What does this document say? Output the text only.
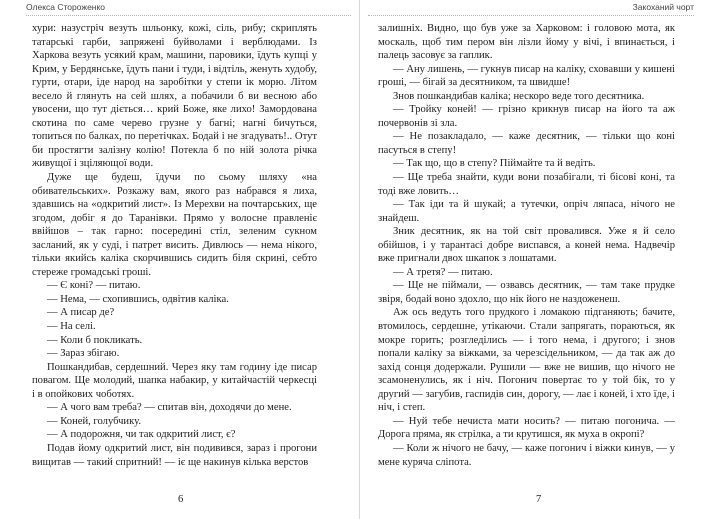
Олекса Стороженко

хури: назустріч везуть шльонку, кожі, сіль, рибу; скриплять татарські гарби, запряжені буйволами і верблюдами. Із Харкова везуть усякий крам, машини, паровики, їдуть купці у Крим, у Бердянське, їдуть пани і туди, і відтіль, женуть худобу, гурти, отари, іде народ на заробітки у степи ік морю. Літом весело й глянуть на сей шлях, а побачили б ви весною або увосени, що тут діється… крий Боже, яке лихо! Замордована скотина по саме черево грузне у багні; нагні бичуться, топиться по балках, по перетічках. Бодай і не згадувать!.. Отут би простягти залізну колію! Потекла б по ній золота річка живущої і зціляющої води.

Дуже ще будеш, їдучи по сьому шляху «на обивательських». Розкажу вам, якого раз набрався я лиха, здавшись на «одкритий лист». Із Мерехви на почтарських, ще згодом, добіг я до Таранівки. Прямо у волосне правленіє ввійшов – так гарно: посередині стіл, зеленим сукном засланий, як у суді, і патрет висить. Дивлюсь — нема нікого, тільки якийсь каліка скорчившись сидить біля скрині, себто стереже громадські гроші.

— Є коні? — питаю.

— Нема, — схопившись, одвітив каліка.

— А писар де?

— На селі.

— Коли б покликать.

— Зараз збігаю.

Пошкандибав, сердешний. Через яку там годину іде писар повагом. Ще молодий, шапка набакир, у китайчастій черкесці і в опойкових чоботях.

— А чого вам треба? — спитав він, доходячи до мене.

— Коней, голубчику.

— А подорожня, чи так одкритий лист, є?

Подав йому одкритий лист, він подивився, зараз і прогони вищитав — такий спритний! — іє ще накинув кілька верстов

6
Закоханий чорт

залишніх. Видно, що був уже за Харковом: і головою мота, як москаль, щоб тим пером він лізли йому у вічі, і впинається, і палець засовує за гаплик.

— Ану лишень, — гукнув писар на каліку, сховавши у кишені гроші, — бігай за десятником, та швидше!

Знов пошкандибав каліка; нескоро веде того десятника.

— Тройку коней! — грізно крикнув писар на його та аж почервонів зі зла.

— Не позакладало, — каже десятник, — тільки що коні пасуться в степу!

— Так що, що в степу? Піймайте та й ведіть.

— Ще треба знайти, куди вони позабігали, ті бісові коні, та тоді вже ловить…

— Так іди та й шукай; а тутечки, опріч ляпаса, нічого не знайдеш.

Зник десятник, як на той світ провалився. Уже я й село обійшов, і у тарантасі добре виспався, а коней нема. Надвечір вже пригнали двох шкапок з лошатами.

— А третя? — питаю.

— Ще не піймали, — озвавсь десятник, — там таке прудке звіря, бодай воно здохло, що нік його не наздоженеш.

Аж ось ведуть того прудкого і ломакою підганяють; бачите, втомилось, сердешне, утікаючи. Стали запрягать, пораються, як мокре горить; розгледілись — і того нема, і другого; і знов попали каліку за віжками, за черезсідельником, — да так аж до захід сонця додержали. Рушили — вже не вишив, що нічого не зсамоненулись, як і ніч. Погонич повертає то у той бік, то у другий — загубив, гаспидів син, дорогу, — лає і коней, і хто їде, і ніч, і степ.

— Нуй тебе нечиста мати носить? — питаю погонича. — Дорога пряма, як стрілка, а ти крутишся, як муха в окропі?

— Коли ж нічого не бачу, — каже погонич і віжки кинув, — у мене куряча сліпота.

7
